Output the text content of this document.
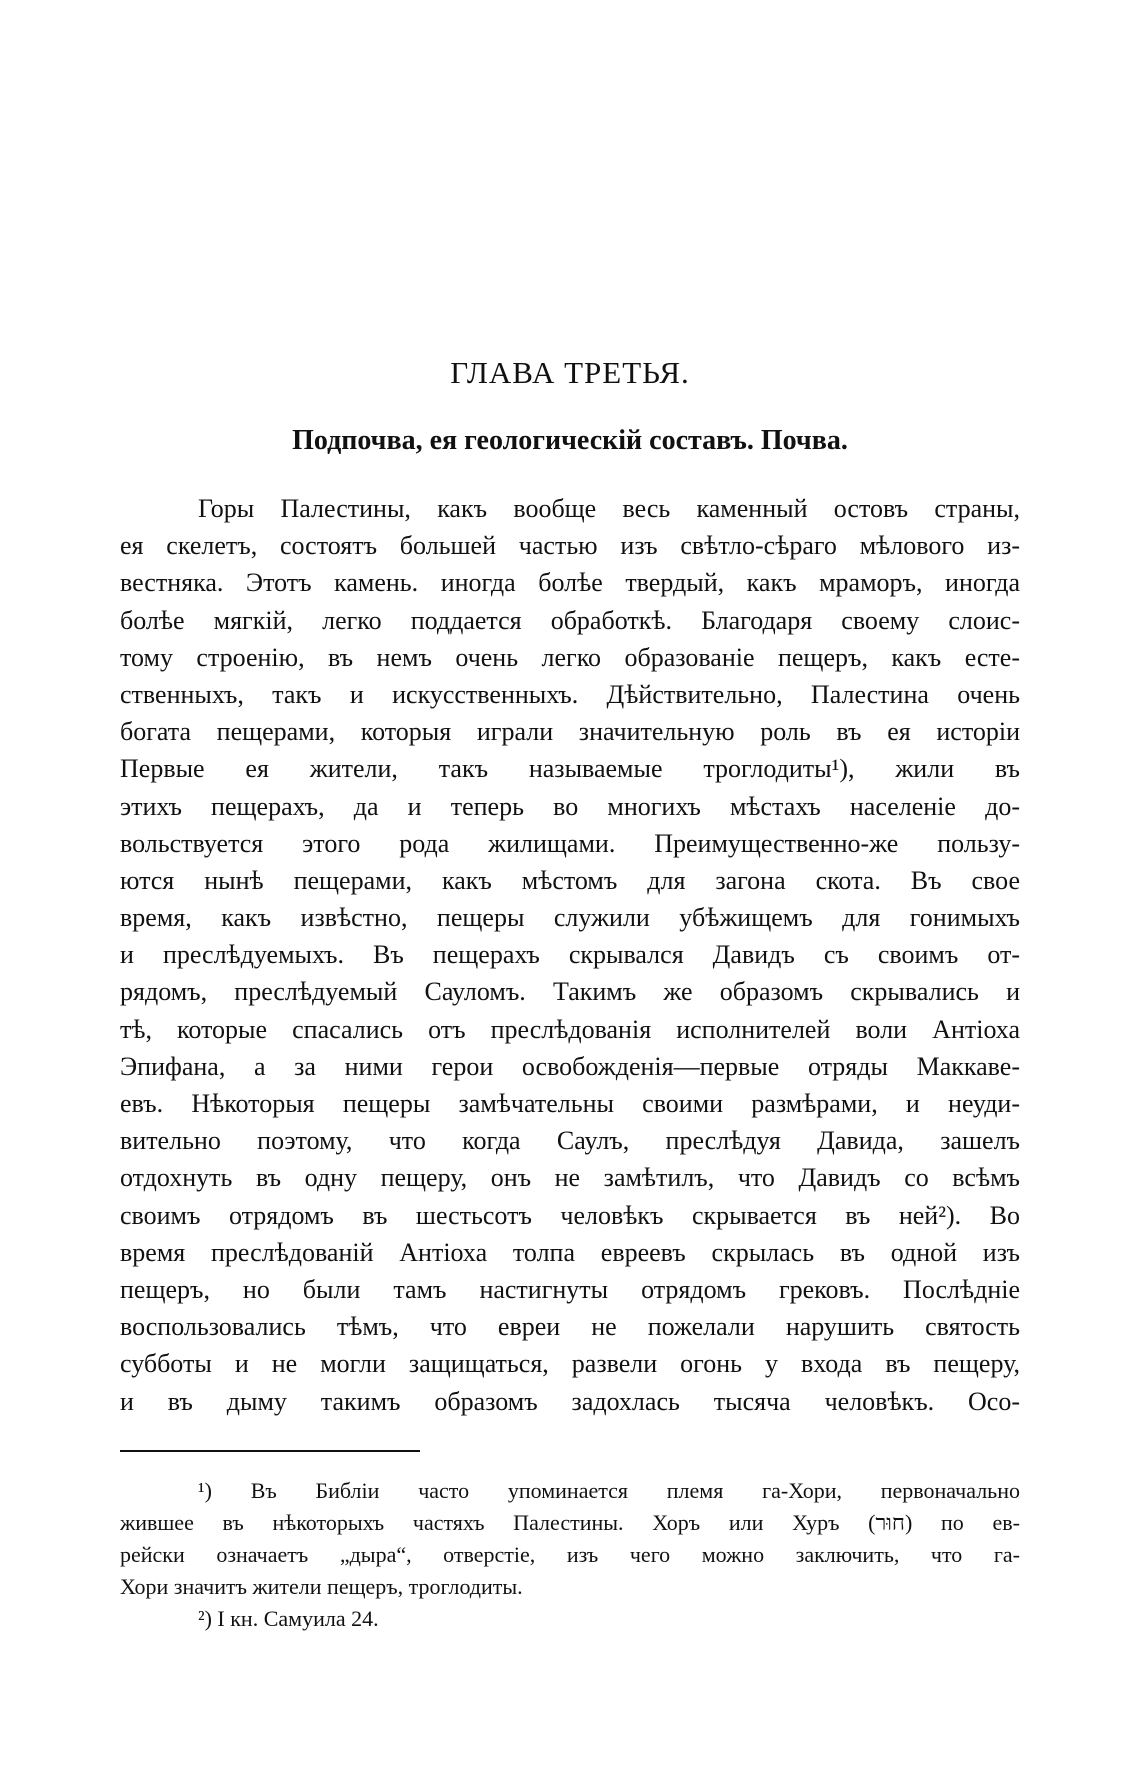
ГЛАВА ТРЕТЬЯ.
Подпочва, ея геологическій составъ. Почва.
Горы Палестины, какъ вообще весь каменный остовъ страны,
ея скелетъ, состоятъ большей частью изъ свѣтло-сѣраго мѣлового из-
вестняка. Этотъ камень. иногда болѣе твердый, какъ мраморъ, иногда
болѣе мягкій, легко поддается обработкѣ. Благодаря своему слоис-
тому строенію, въ немъ очень легко образованіе пещеръ, какъ есте-
ственныхъ, такъ и искусственныхъ. Дѣйствительно, Палестина очень
богата пещерами, которыя играли значительную роль въ ея исторіи
Первые ея жители, такъ называемые троглодиты¹), жили въ
этихъ пещерахъ, да и теперь во многихъ мѣстахъ населеніе до-
вольствуется этого рода жилищами. Преимущественно-же пользу-
ются нынѣ пещерами, какъ мѣстомъ для загона скота. Въ свое
время, какъ извѣстно, пещеры служили убѣжищемъ для гонимыхъ
и преслѣдуемыхъ. Въ пещерахъ скрывался Давидъ съ своимъ от-
рядомъ, преслѣдуемый Сауломъ. Такимъ же образомъ скрывались и
тѣ, которые спасались отъ преслѣдованія исполнителей воли Антіоха
Эпифана, а за ними герои освобожденія—первые отряды Маккаве-
евъ. Нѣкоторыя пещеры замѣчательны своими размѣрами, и неуди-
вительно поэтому, что когда Саулъ, преслѣдуя Давида, зашелъ
отдохнуть въ одну пещеру, онъ не замѣтилъ, что Давидъ со всѣмъ
своимъ отрядомъ въ шестьсотъ человѣкъ скрывается въ ней²). Во
время преслѣдованій Антіоха толпа евреевъ скрылась въ одной изъ
пещеръ, но были тамъ настигнуты отрядомъ грековъ. Послѣдніе
воспользовались тѣмъ, что евреи не пожелали нарушить святость
субботы и не могли защищаться, развели огонь у входа въ пещеру,
и въ дыму такимъ образомъ задохлась тысяча человѣкъ. Осо-
¹) Въ Библіи часто упоминается племя га-Хори, первоначально
жившее въ нѣкоторыхъ частяхъ Палестины. Хоръ или Хуръ (חוּר) по ев-
рейски означаетъ „дыра“, отверстіе, изъ чего можно заключить, что га-
Хори значитъ жители пещеръ, троглодиты.
²) I кн. Самуила 24.
